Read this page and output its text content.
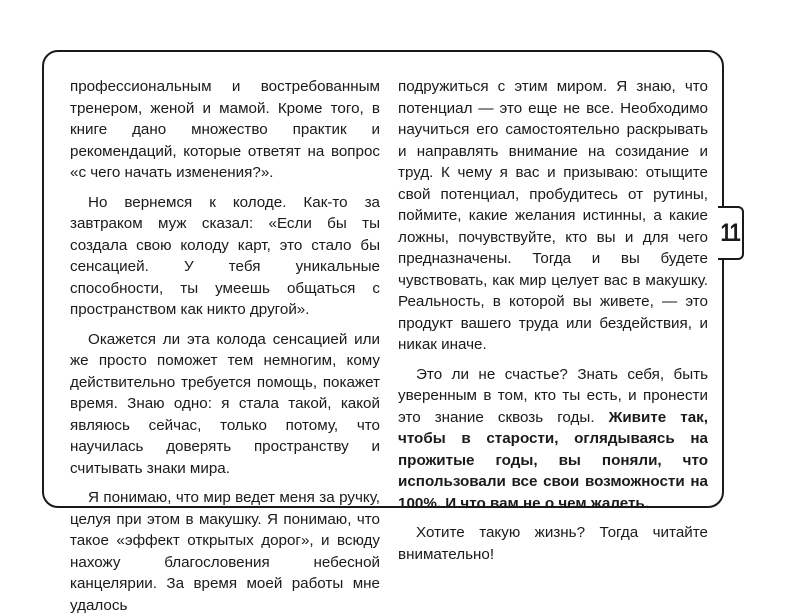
11

профессиональным и востребованным тренером, женой и мамой. Кроме того, в книге дано множество практик и рекомендаций, которые ответят на вопрос «с чего начать изменения?».

Но вернемся к колоде. Как-то за завтраком муж сказал: «Если бы ты создала свою колоду карт, это стало бы сенсацией. У тебя уникальные способности, ты умеешь общаться с пространством как никто другой».

Окажется ли эта колода сенсацией или же просто поможет тем немногим, кому действительно требуется помощь, покажет время. Знаю одно: я стала такой, какой являюсь сейчас, только потому, что научилась доверять пространству и считывать знаки мира.

Я понимаю, что мир ведет меня за ручку, целуя при этом в макушку. Я понимаю, что такое «эффект открытых дорог», и всюду нахожу благословения небесной канцелярии. За время моей работы мне удалось

подружиться с этим миром. Я знаю, что потенциал — это еще не все. Необходимо научиться его самостоятельно раскрывать и направлять внимание на созидание и труд. К чему я вас и призываю: отыщите свой потенциал, пробудитесь от рутины, поймите, какие желания истинны, а какие ложны, почувствуйте, кто вы и для чего предназначены. Тогда и вы будете чувствовать, как мир целует вас в макушку. Реальность, в которой вы живете, — это продукт вашего труда или бездействия, и никак иначе.

Это ли не счастье? Знать себя, быть уверенным в том, кто ты есть, и пронести это знание сквозь годы. Живите так, чтобы в старости, оглядываясь на прожитые годы, вы поняли, что использовали все свои возможности на 100%. И что вам не о чем жалеть.

Хотите такую жизнь? Тогда читайте внимательно!
